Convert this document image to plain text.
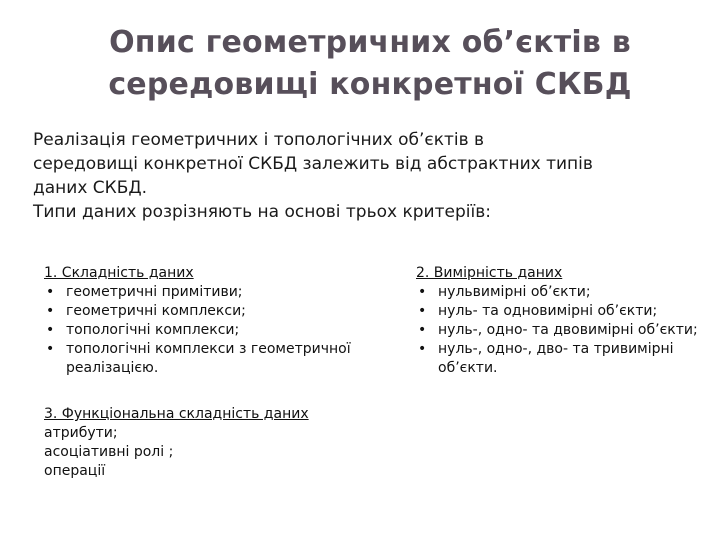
Опис геометричних об’єктів в
середовищі конкретної СКБД
Реалізація геометричних і топологічних об’єктів в
середовищі конкретної СКБД залежить від абстрактних типів
даних СКБД.
Типи даних розрізняють на основі трьох критеріїв:
1. Складність даних
• геометричні примітиви;
• геометричні комплекси;
• топологічні комплекси;
• топологічні комплекси з геометричної реалізацією.
3. Функціональна складність даних
атрибути;
асоціативні ролі ;
операції
2. Вимірність даних
• нульвимірні об’єкти;
• нуль- та одновимірні об’єкти;
• нуль-, одно- та двовимірні об’єкти;
• нуль-, одно-, дво- та тривимірні об’єкти.
